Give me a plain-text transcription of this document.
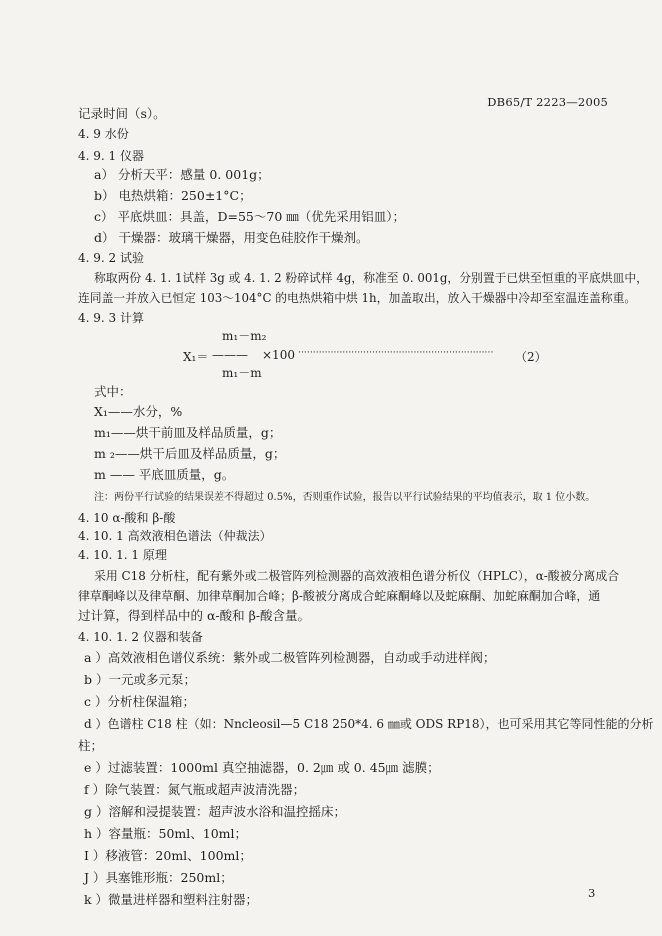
DB65/T 2223—2005
记录时间（s）。
4. 9 水份
4. 9. 1 仪器
a） 分析天平：感量 0. 001g；
b） 电热烘箱：250±1°C；
c） 平底烘皿：具盖，D=55～70 ㎜（优先采用铝皿）；
d） 干燥器：玻璃干燥器，用变色硅胶作干燥剂。
4. 9. 2 试验
称取两份 4. 1. 1试样 3g 或 4. 1. 2 粉碎试样 4g，称准至 0. 001g，分别置于已烘至恒重的平底烘皿中，
连同盖一并放入已恒定 103～104°C 的电热烘箱中烘 1h，加盖取出，放入干燥器中冷却至室温连盖称重。
4. 9. 3 计算
m₁－m₂
X₁＝ ——— ×100 ·································································· （2）
m₁－m
式中：
X₁——水分，%
m₁——烘干前皿及样品质量，g；
m ₂——烘干后皿及样品质量，g；
m —— 平底皿质量，g。
注：两份平行试验的结果误差不得超过 0.5%，否则重作试验，报告以平行试验结果的平均值表示，取 1 位小数。
4. 10 α-酸和 β-酸
4. 10. 1 高效液相色谱法（仲裁法）
4. 10. 1. 1 原理
采用 C18 分析柱，配有紫外或二极管阵列检测器的高效液相色谱分析仪（HPLC），α-酸被分离成合
律草酮峰以及律草酮、加律草酮加合峰；β-酸被分离成合蛇麻酮峰以及蛇麻酮、加蛇麻酮加合峰，通
过计算，得到样品中的 α-酸和 β-酸含量。
4. 10. 1. 2 仪器和装备
a ）高效液相色谱仪系统：紫外或二极管阵列检测器，自动或手动进样阀；
b ）一元或多元泵；
c ）分析柱保温箱；
d ）色谱柱 C18 柱（如：Nncleosil—5 C18 250*4. 6 ㎜或 ODS RP18），也可采用其它等同性能的分析
柱；
e ）过滤装置：1000ml 真空抽滤器，0. 2㎛ 或 0. 45㎛ 滤膜；
f ）除气装置：氮气瓶或超声波清洗器；
g ）溶解和浸提装置：超声波水浴和温控摇床；
h ）容量瓶：50ml、10ml；
I ）移液管：20ml、100ml；
J ）具塞锥形瓶：250ml；
k ）微量进样器和塑料注射器；	3
